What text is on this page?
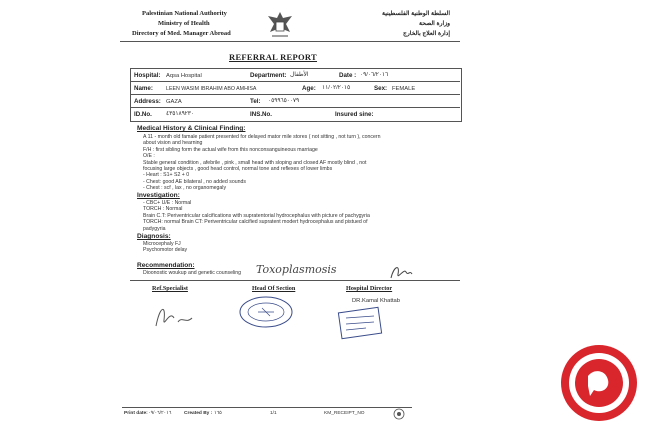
Palestinian National Authority
Ministry of Health
Directory of Med. Manager Abroad
السلطة الوطنية الفلسطينية
وزارة الصحة
إدارة العلاج بالخارج
REFERRAL REPORT
Hospital: Aqsa Hospital	Department: الأطفال	Date : ٠٩/٠٦/٢٠١٦
Name: LEEN WASIM IBRAHIM ABO AMHISA	Age: ١١/٠٢/٢٠١٥	Sex: FEMALE
Address: GAZA	Tel: ٠٥٩٩٦٥٠٠٧٩
ID.No. ٤٣٥١٨٩٢٣٠	INS.No.	Insured sine:
Medical History & Clinical Finding:
A 11 - month old famale patient presented for delayed mator mile stores ( not sitting , not turn ), concern
about vision and hearning
F/H : first sibling form the actual wife from this nonconsanguineous marriage
O/E :
Stable general condition , afebrile , pink , small head with sloping and closed AF mostly blind , not
focusing large objects , good head control, normal tone and reflexes of lower limbs
- Heart : S1+ S2 + 0
- Chest: good AE bilateral , no added sounds
- Chest : scf , lax , no organomegaly
Investigation:
- CBC+ U/E : Normal
TORCH : Normal
Brain C.T: Periventricular calcifications with supratentorial hydrocephalus with picture of pachygyria
TORCH: normal Brain CT: Periventricular calcified supratent modert hydrocephalus and pistued of
padygyria
Diagnosis:
Microcephaly FJ
Psychomotor delay
Recommendation:
Dioonostic woukup and genetic counseling Toxoplasmosis
Ref.Specialist	Head Of Section	Hospital Director
DR.Kamal Khattab
Print date: ٠٩/٠٦/٢٠١٦	Created By : ١٦٥	1/1	KM_RECEIPT_NO
